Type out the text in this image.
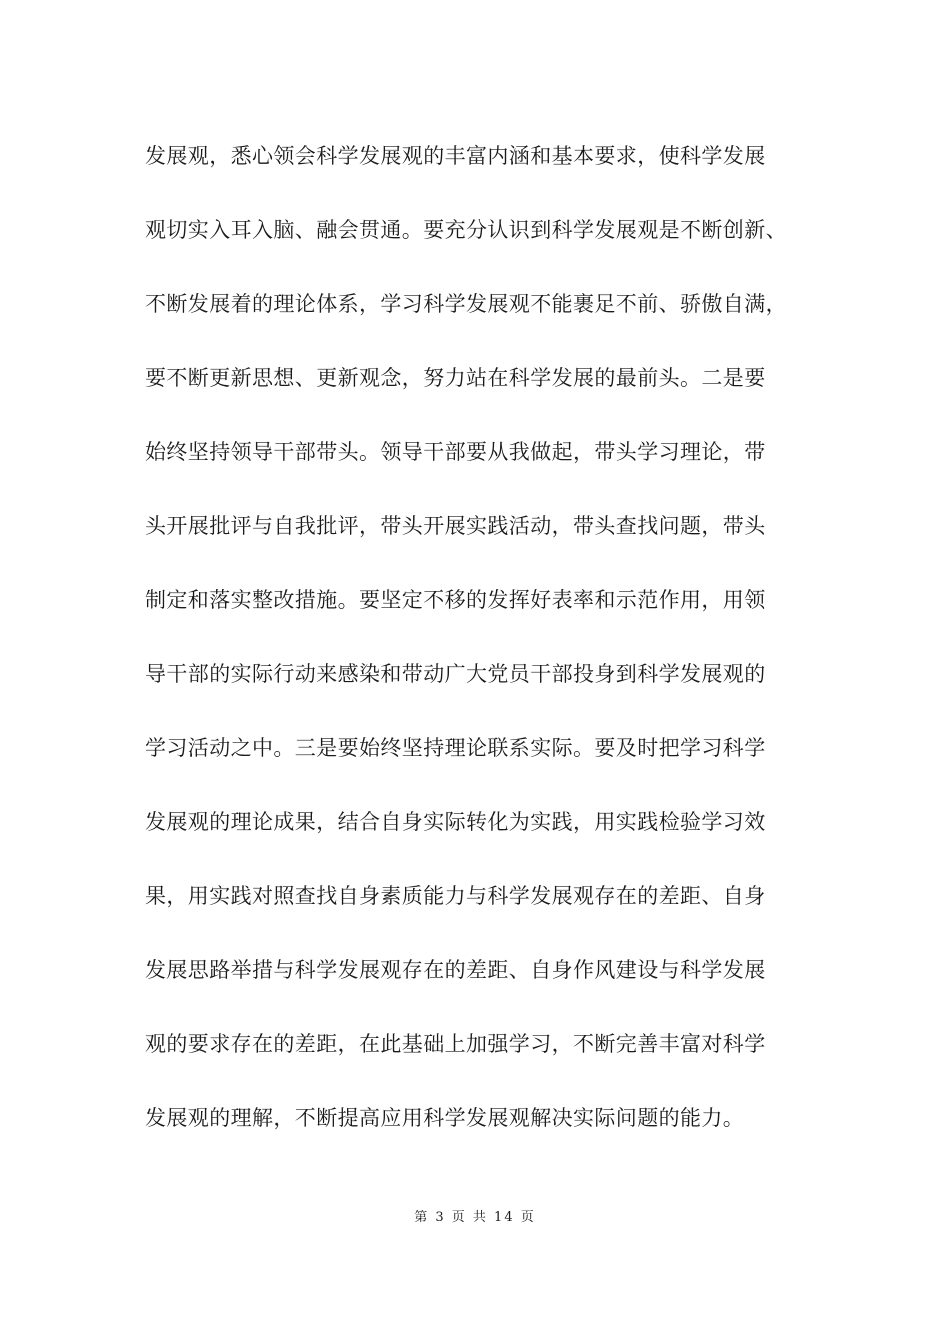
发展观，悉心领会科学发展观的丰富内涵和基本要求，使科学发展
观切实入耳入脑、融会贯通。要充分认识到科学发展观是不断创新、
不断发展着的理论体系，学习科学发展观不能裹足不前、骄傲自满，
要不断更新思想、更新观念，努力站在科学发展的最前头。二是要
始终坚持领导干部带头。领导干部要从我做起，带头学习理论，带
头开展批评与自我批评，带头开展实践活动，带头查找问题，带头
制定和落实整改措施。要坚定不移的发挥好表率和示范作用，用领
导干部的实际行动来感染和带动广大党员干部投身到科学发展观的
学习活动之中。三是要始终坚持理论联系实际。要及时把学习科学
发展观的理论成果，结合自身实际转化为实践，用实践检验学习效
果，用实践对照查找自身素质能力与科学发展观存在的差距、自身
发展思路举措与科学发展观存在的差距、自身作风建设与科学发展
观的要求存在的差距，在此基础上加强学习，不断完善丰富对科学
发展观的理解，不断提高应用科学发展观解决实际问题的能力。
第 3 页 共 14 页
